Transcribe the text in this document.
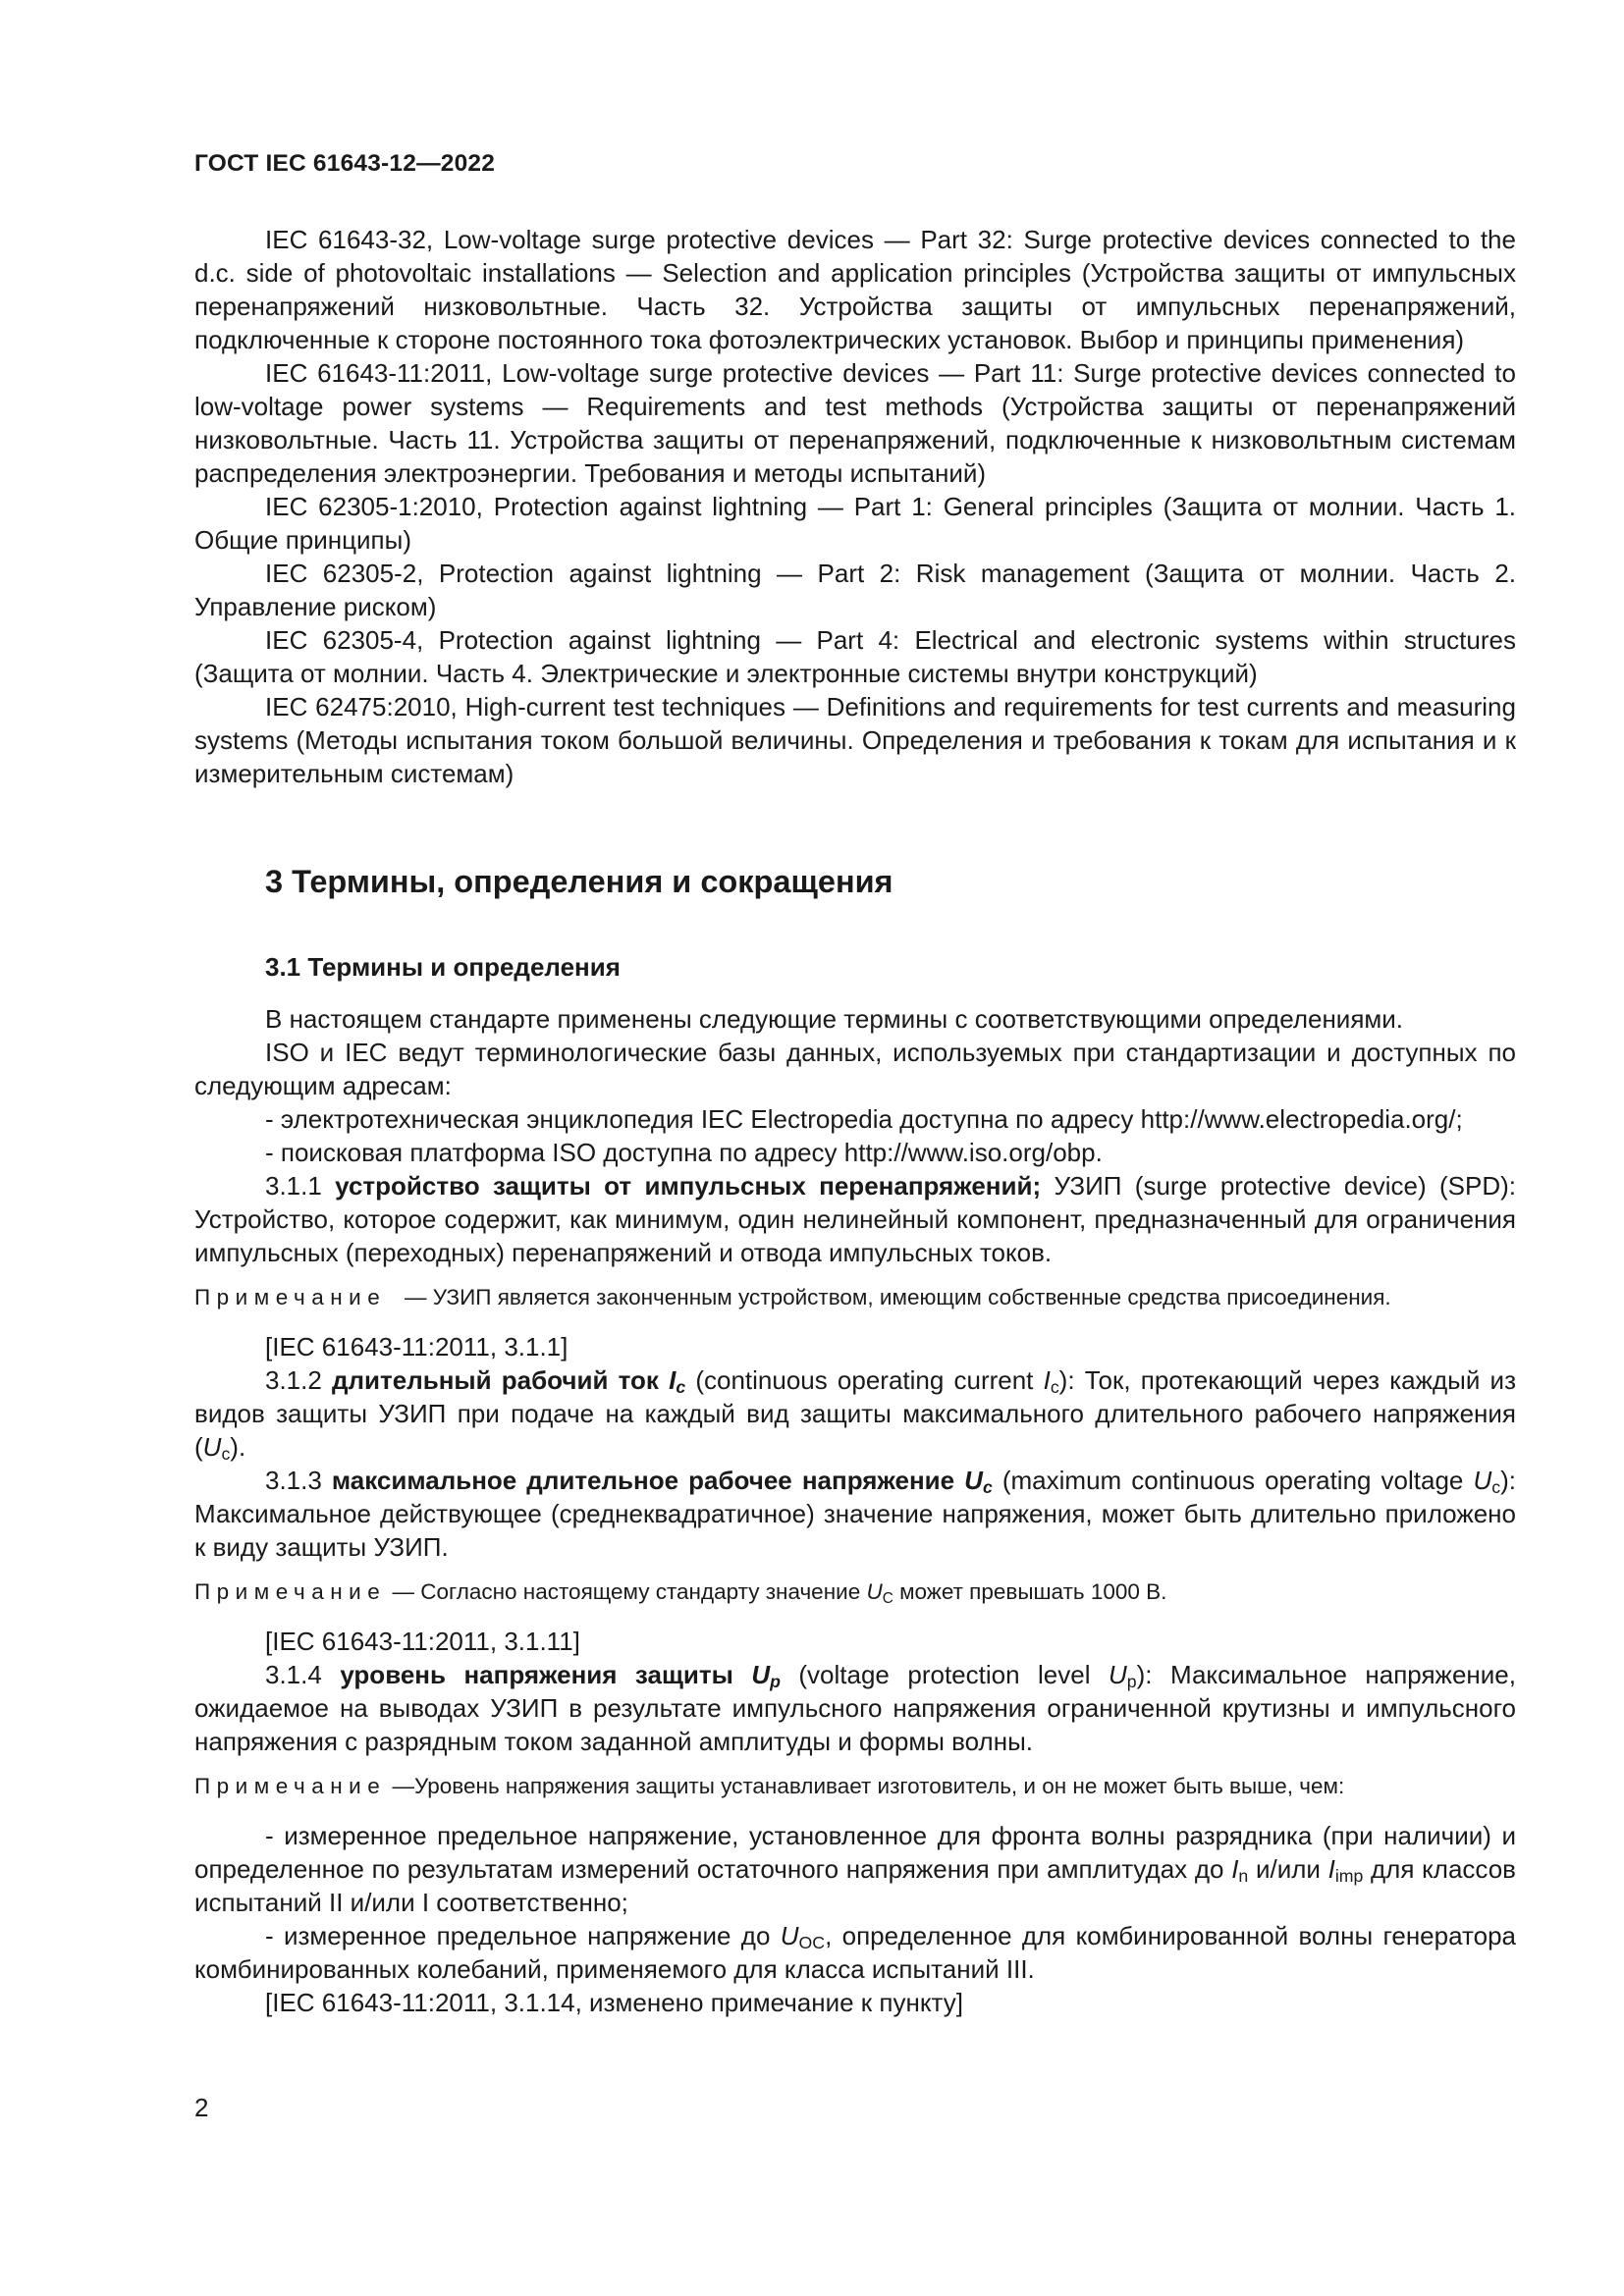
ГОСТ IEC 61643-12—2022

IEC 61643-32, Low-voltage surge protective devices — Part 32: Surge protective devices connected to the d.c. side of photovoltaic installations — Selection and application principles (Устройства защиты от импульсных перенапряжений низковольтные. Часть 32. Устройства защиты от импульсных перенапряжений, подключенные к стороне постоянного тока фотоэлектрических установок. Выбор и принципы применения)

IEC 61643-11:2011, Low-voltage surge protective devices — Part 11: Surge protective devices connected to low-voltage power systems — Requirements and test methods (Устройства защиты от перенапряжений низковольтные. Часть 11. Устройства защиты от перенапряжений, подключенные к низковольтным системам распределения электроэнергии. Требования и методы испытаний)

IEC 62305-1:2010, Protection against lightning — Part 1: General principles (Защита от молнии. Часть 1. Общие принципы)

IEC 62305-2, Protection against lightning — Part 2: Risk management (Защита от молнии. Часть 2. Управление риском)

IEC 62305-4, Protection against lightning — Part 4: Electrical and electronic systems within structures (Защита от молнии. Часть 4. Электрические и электронные системы внутри конструкций)

IEC 62475:2010, High-current test techniques — Definitions and requirements for test currents and measuring systems (Методы испытания током большой величины. Определения и требования к токам для испытания и к измерительным системам)

3 Термины, определения и сокращения
3.1 Термины и определения

В настоящем стандарте применены следующие термины с соответствующими определениями.

ISO и IEC ведут терминологические базы данных, используемых при стандартизации и доступных по следующим адресам:

- электротехническая энциклопедия IEC Electropedia доступна по адресу http://www.electropedia.org/;

- поисковая платформа ISO доступна по адресу http://www.iso.org/obp.

3.1.1 устройство защиты от импульсных перенапряжений; УЗИП (surge protective device) (SPD): Устройство, которое содержит, как минимум, один нелинейный компонент, предназначенный для ограничения импульсных (переходных) перенапряжений и отвода импульсных токов.

Примечание — УЗИП является законченным устройством, имеющим собственные средства присоединения.

[IEC 61643-11:2011, 3.1.1]

3.1.2 длительный рабочий ток $I_c$ (continuous operating current $I_c$): Ток, протекающий через каждый из видов защиты УЗИП при подаче на каждый вид защиты максимального длительного рабочего напряжения $(U_c)$.

3.1.3 максимальное длительное рабочее напряжение $U_c$ (maximum continuous operating voltage $U_c$): Максимальное действующее (среднеквадратичное) значение напряжения, может быть длительно приложено к виду защиты УЗИП.

Примечание — Согласно настоящему стандарту значение $U_C$ может превышать 1000 В.

[IEC 61643-11:2011, 3.1.11]

3.1.4 уровень напряжения защиты $U_p$ (voltage protection level $U_p$): Максимальное напряжение, ожидаемое на выводах УЗИП в результате импульсного напряжения ограниченной крутизны и импульсного напряжения с разрядным током заданной амплитуды и формы волны.

Примечание —Уровень напряжения защиты устанавливает изготовитель, и он не может быть выше, чем:

- измеренное предельное напряжение, установленное для фронта волны разрядника (при наличии) и определенное по результатам измерений остаточного напряжения при амплитудах до $I_n$ и/или $I_{imp}$ для классов испытаний II и/или I соответственно;

- измеренное предельное напряжение до $U_{OC}$, определенное для комбинированной волны генератора комбинированных колебаний, применяемого для класса испытаний III.

[IEC 61643-11:2011, 3.1.14, изменено примечание к пункту]

2
